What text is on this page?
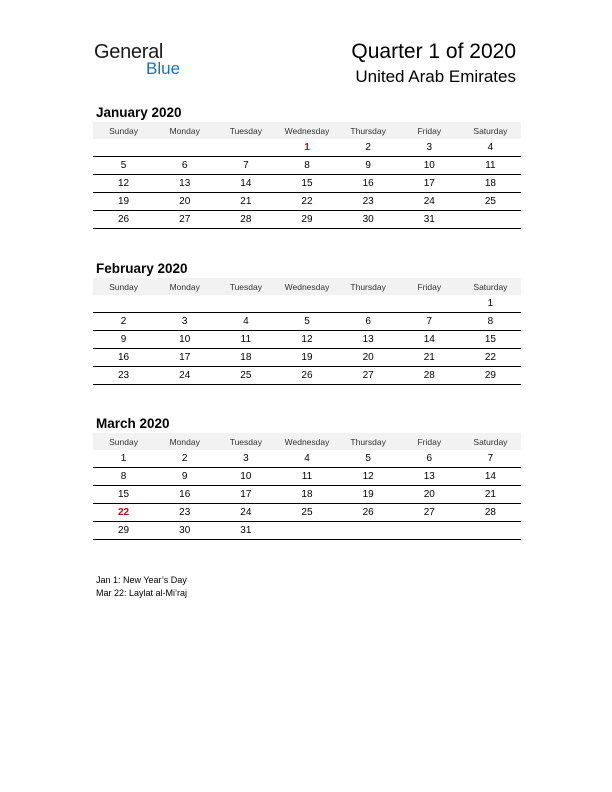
General
Blue
Quarter 1 of 2020
United Arab Emirates
January 2020
Sunday	Monday	Tuesday	Wednesday	Thursday	Friday	Saturday
			1	2	3	4
5	6	7	8	9	10	11
12	13	14	15	16	17	18
19	20	21	22	23	24	25
26	27	28	29	30	31	
February 2020
Sunday	Monday	Tuesday	Wednesday	Thursday	Friday	Saturday
						1
2	3	4	5	6	7	8
9	10	11	12	13	14	15
16	17	18	19	20	21	22
23	24	25	26	27	28	29
March 2020
Sunday	Monday	Tuesday	Wednesday	Thursday	Friday	Saturday
1	2	3	4	5	6	7
8	9	10	11	12	13	14
15	16	17	18	19	20	21
22	23	24	25	26	27	28
29	30	31				
Jan 1: New Year’s Day
Mar 22: Laylat al-Mi’raj
